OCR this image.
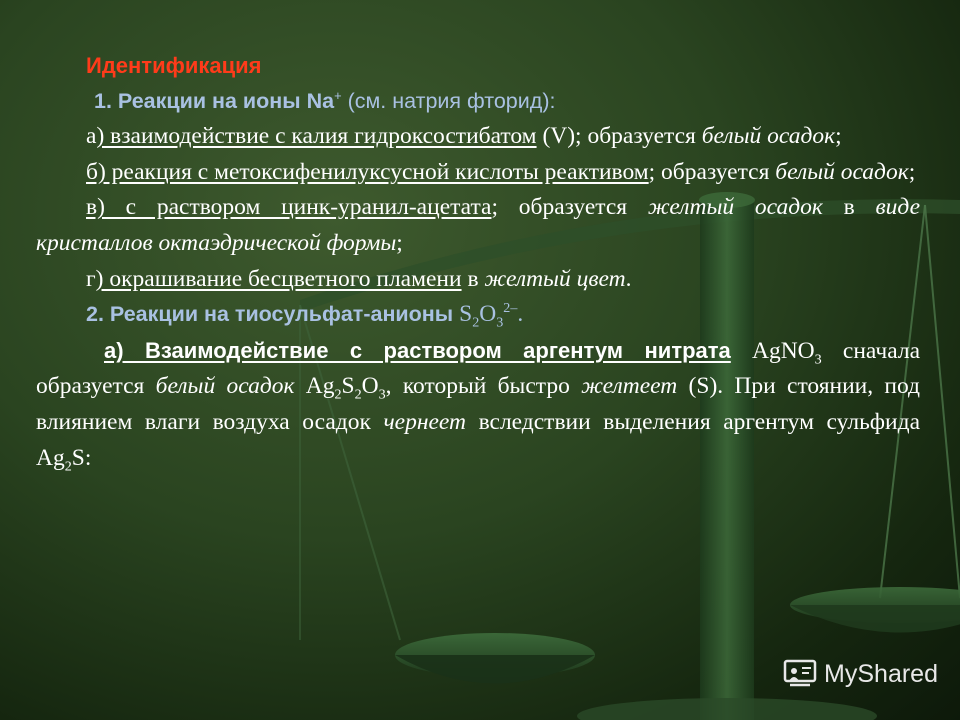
Идентификация

1. Реакции на ионы Na+ (см. натрия фторид):

а) взаимодействие с калия гидроксостибатом (V); образуется белый осадок;

б) реакция с метоксифенилуксусной кислоты реактивом; образуется белый осадок;

в) с раствором цинк-уранил-ацетата; образуется желтый осадок в виде кристаллов октаэдрической формы;

г) окрашивание бесцветного пламени в желтый цвет.

2. Реакции на тиосульфат-анионы $S_2O_3^{2-}$.

а) Взаимодействие с раствором аргентум нитрата AgNO$_3$ сначала образуется белый осадок $Ag_2S_2O_3$, который быстро желтеет (S). При стоянии, под влиянием влаги воздуха осадок чернеет вследствии выделения аргентум сульфида $Ag_2S$:

MyShared
